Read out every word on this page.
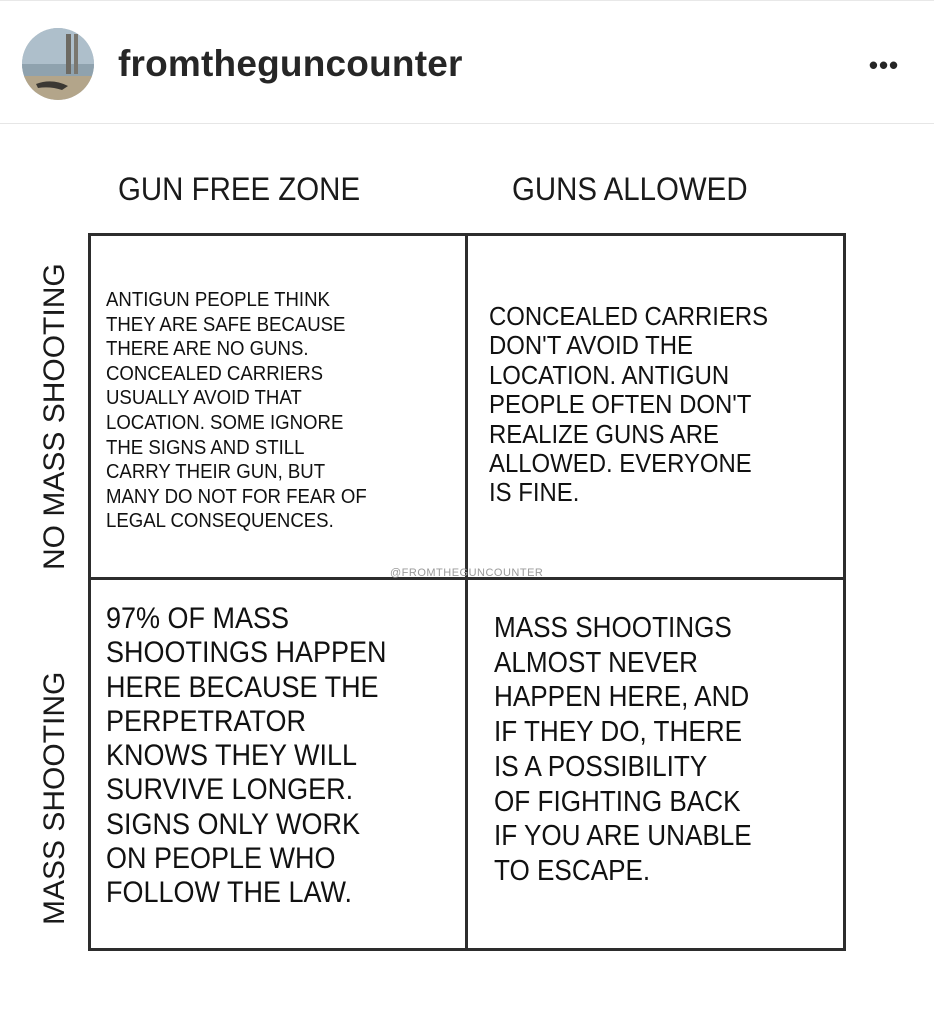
fromtheguncounter	•••
GUN FREE ZONE	GUNS ALLOWED
NO MASS SHOOTING
MASS SHOOTING
ANTIGUN PEOPLE THINK
THEY ARE SAFE BECAUSE
THERE ARE NO GUNS.
CONCEALED CARRIERS
USUALLY AVOID THAT
LOCATION. SOME IGNORE
THE SIGNS AND STILL
CARRY THEIR GUN, BUT
MANY DO NOT FOR FEAR OF
LEGAL CONSEQUENCES.
CONCEALED CARRIERS
DON'T AVOID THE
LOCATION. ANTIGUN
PEOPLE OFTEN DON'T
REALIZE GUNS ARE
ALLOWED. EVERYONE
IS FINE.
@FROMTHEGUNCOUNTER
97% OF MASS
SHOOTINGS HAPPEN
HERE BECAUSE THE
PERPETRATOR
KNOWS THEY WILL
SURVIVE LONGER.
SIGNS ONLY WORK
ON PEOPLE WHO
FOLLOW THE LAW.
MASS SHOOTINGS
ALMOST NEVER
HAPPEN HERE, AND
IF THEY DO, THERE
IS A POSSIBILITY
OF FIGHTING BACK
IF YOU ARE UNABLE
TO ESCAPE.
